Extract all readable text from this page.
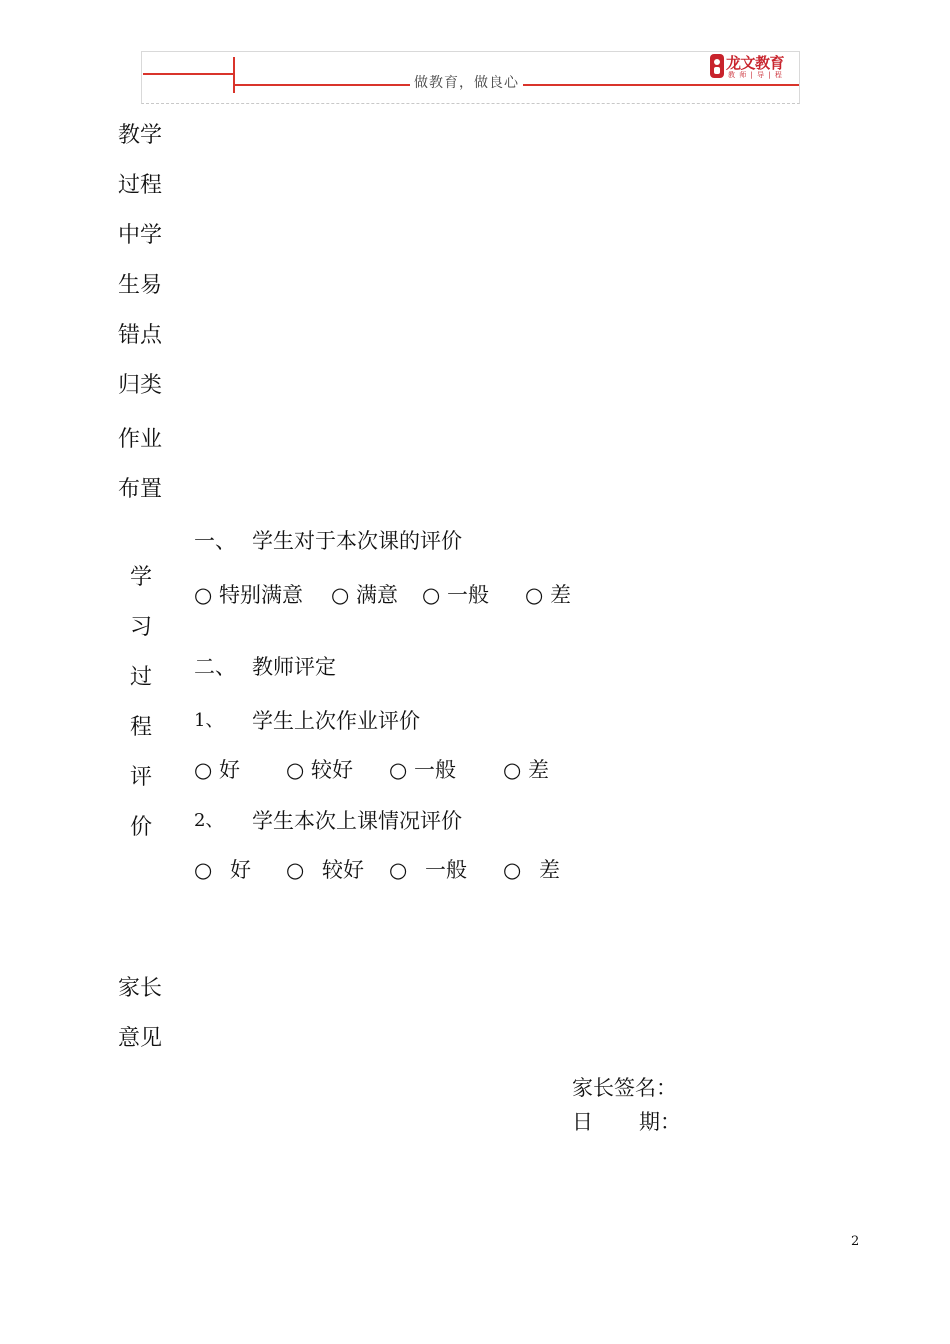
做教育，做良心
龙文教育
教 师 | 导 | 程
教学
过程
中学
生易
错点
归类
作业
布置
学
习
过
程
评
价
一、 学生对于本次课的评价
○ 特别满意 ○ 满意 ○ 一般 ○ 差
二、 教师评定
1、 学生上次作业评价
○ 好 ○ 较好 ○ 一般 ○ 差
2、 学生本次上课情况评价
○ 好 ○ 较好 ○ 一般 ○ 差
家长
意见
家长签名：
日 期：
2
